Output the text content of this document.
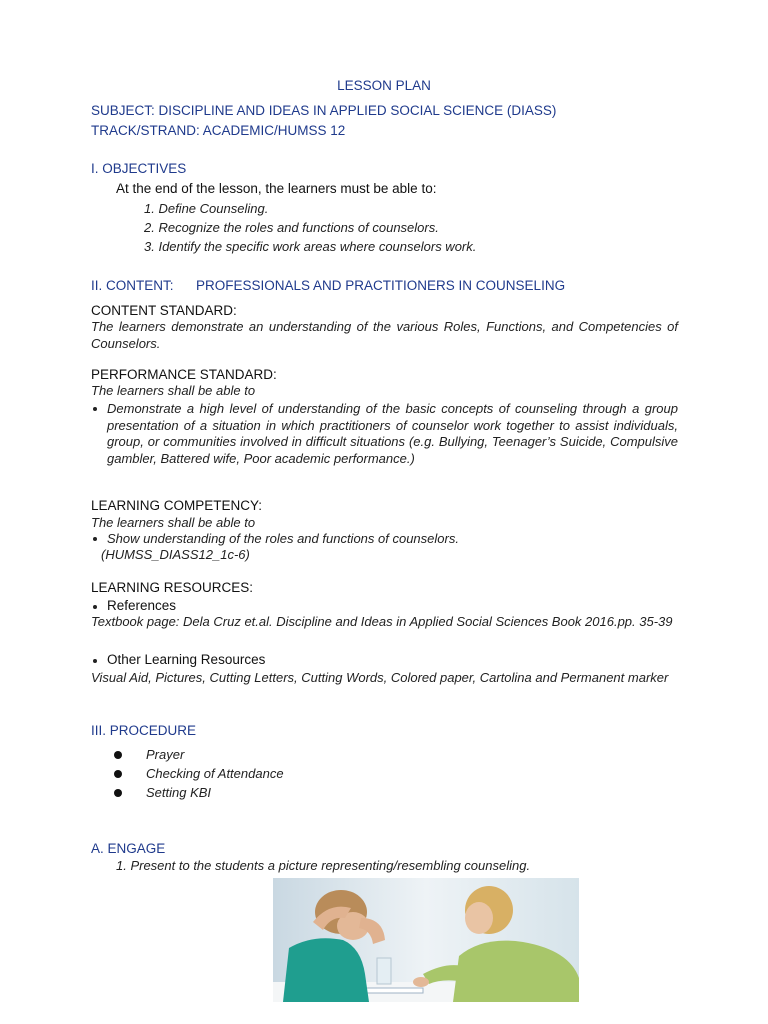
LESSON PLAN
SUBJECT: DISCIPLINE AND IDEAS IN APPLIED SOCIAL SCIENCE (DIASS)
TRACK/STRAND: ACADEMIC/HUMSS 12
I. OBJECTIVES
At the end of the lesson, the learners must be able to:
1. Define Counseling.
2. Recognize the roles and functions of counselors.
3. Identify the specific work areas where counselors work.
II. CONTENT: PROFESSIONALS AND PRACTITIONERS IN COUNSELING
CONTENT STANDARD:
The learners demonstrate an understanding of the various Roles, Functions, and Competencies of Counselors.
PERFORMANCE STANDARD:
The learners shall be able to
Demonstrate a high level of understanding of the basic concepts of counseling through a group presentation of a situation in which practitioners of counselor work together to assist individuals, group, or communities involved in difficult situations (e.g. Bullying, Teenager’s Suicide, Compulsive gambler, Battered wife, Poor academic performance.)
LEARNING COMPETENCY:
The learners shall be able to
Show understanding of the roles and functions of counselors.
(HUMSS_DIASS12_1c-6)
LEARNING RESOURCES:
References
Textbook page: Dela Cruz et.al. Discipline and Ideas in Applied Social Sciences Book 2016.pp. 35-39
Other Learning Resources
Visual Aid, Pictures, Cutting Letters, Cutting Words, Colored paper, Cartolina and Permanent marker
III. PROCEDURE
Prayer
Checking of Attendance
Setting KBI
A. ENGAGE
1. Present to the students a picture representing/resembling counseling.
